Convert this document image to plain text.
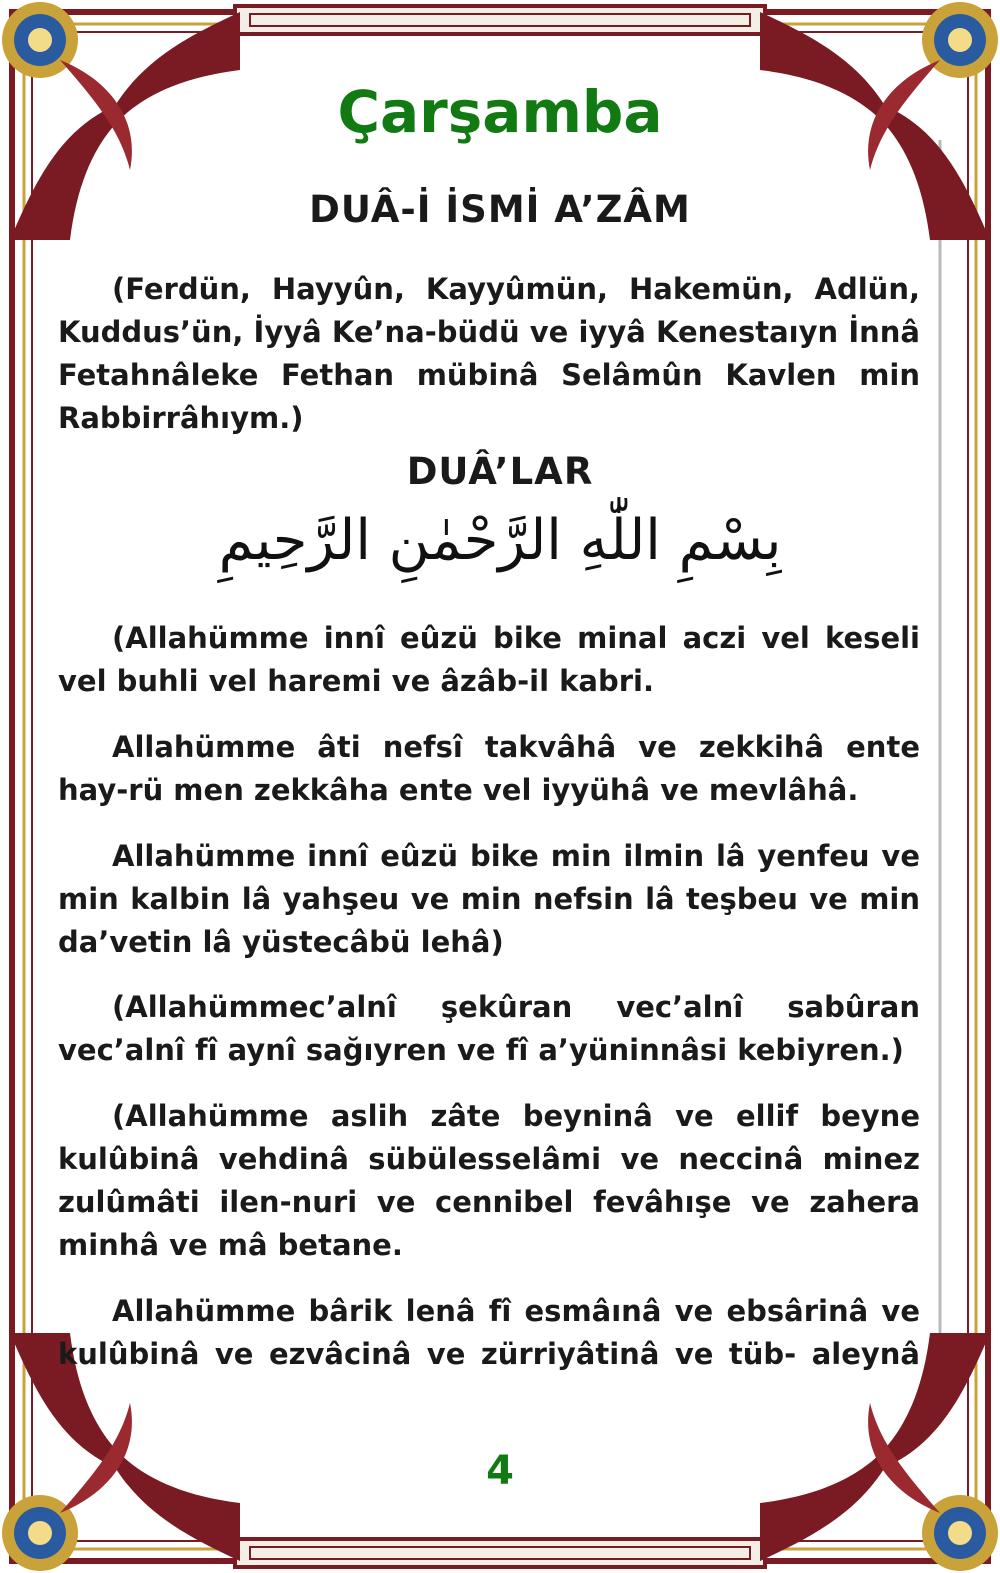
Çarşamba
DUÂ-İ İSMİ A’ZÂM
(Ferdün, Hayyûn, Kayyûmün, Hakemün, Adlün, Kuddus’ün, İyyâ Ke’na-büdü ve iyyâ Kenestaıyn İnnâ Fetahnâleke Fethan mübinâ Selâmûn Kavlen min Rabbirrâhıym.)
DUÂ’LAR
بِسْمِ اللّٰهِ الرَّحْمٰنِ الرَّحِيمِ
(Allahümme innî eûzü bike minal aczi vel keseli vel buhli vel haremi ve âzâb-il kabri.
Allahümme âti nefsî takvâhâ ve zekkihâ ente hay-rü men zekkâha ente vel iyyühâ ve mevlâhâ.
Allahümme innî eûzü bike min ilmin lâ yenfeu ve min kalbin lâ yahşeu ve min nefsin lâ teşbeu ve min da’vetin lâ yüstecâbü lehâ)
(Allahümmec’alnî şekûran vec’alnî sabûran vec’alnî fî aynî sağıyren ve fî a’yüninnâsi kebiyren.)
(Allahümme aslih zâte beyninâ ve ellif beyne kulûbinâ vehdinâ sübülesselâmi ve neccinâ minez zulûmâti ilen-nuri ve cennibel fevâhışe ve zahera minhâ ve mâ betane.
Allahümme bârik lenâ fî esmâınâ ve ebsârinâ ve kulûbinâ ve ezvâcinâ ve zürriyâtinâ ve tüb- aleynâ
4
